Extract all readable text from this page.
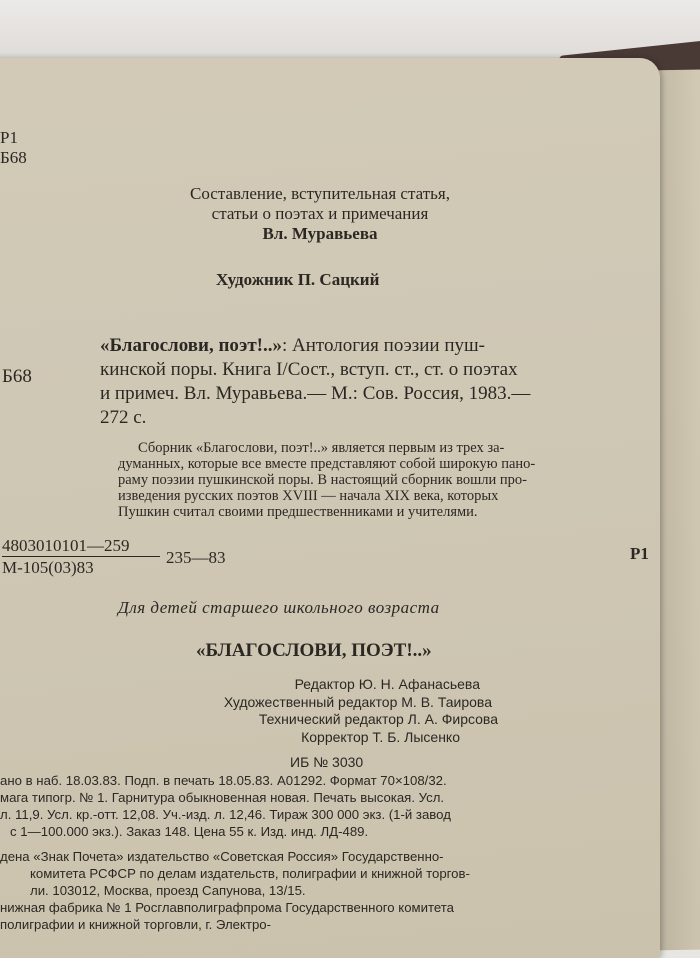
Р1
Б68
Составление, вступительная статья,
статьи о поэтах и примечания
Вл. Муравьева
Художник П. Сацкий
Б68
«Благослови, поэт!..»: Антология поэзии пуш-
кинской поры. Книга I/Сост., вступ. ст., ст. о поэтах
и примеч. Вл. Муравьева.— М.: Сов. Россия, 1983.—
272 с.
Сборник «Благослови, поэт!..» является первым из трех за-
думанных, которые все вместе представляют собой широкую пано-
раму поэзии пушкинской поры. В настоящий сборник вошли про-
изведения русских поэтов XVIII — начала XIX века, которых
Пушкин считал своими предшественниками и учителями.
4803010101—259
М-105(03)83
235—83	Р1
Для детей старшего школьного возраста
«БЛАГОСЛОВИ, ПОЭТ!..»
Редактор Ю. Н. Афанасьева
Художественный редактор М. В. Таирова
Технический редактор Л. А. Фирсова
Корректор Т. Б. Лысенко
ИБ № 3030
ано в наб. 18.03.83. Подп. в печать 18.05.83. А01292. Формат 70×108/32.
мага типогр. № 1. Гарнитура обыкновенная новая. Печать высокая. Усл.
л. 11,9. Усл. кр.-отт. 12,08. Уч.-изд. л. 12,46. Тираж 300 000 экз. (1-й завод
с 1—100.000 экз.). Заказ 148. Цена 55 к. Изд. инд. ЛД-489.
дена «Знак Почета» издательство «Советская Россия» Государственно-
комитета РСФСР по делам издательств, полиграфии и книжной торгов-
ли. 103012, Москва, проезд Сапунова, 13/15.
нижная фабрика № 1 Росглавполиграфпрома Государственного комитета
полиграфии и книжной торговли, г. Электро-
